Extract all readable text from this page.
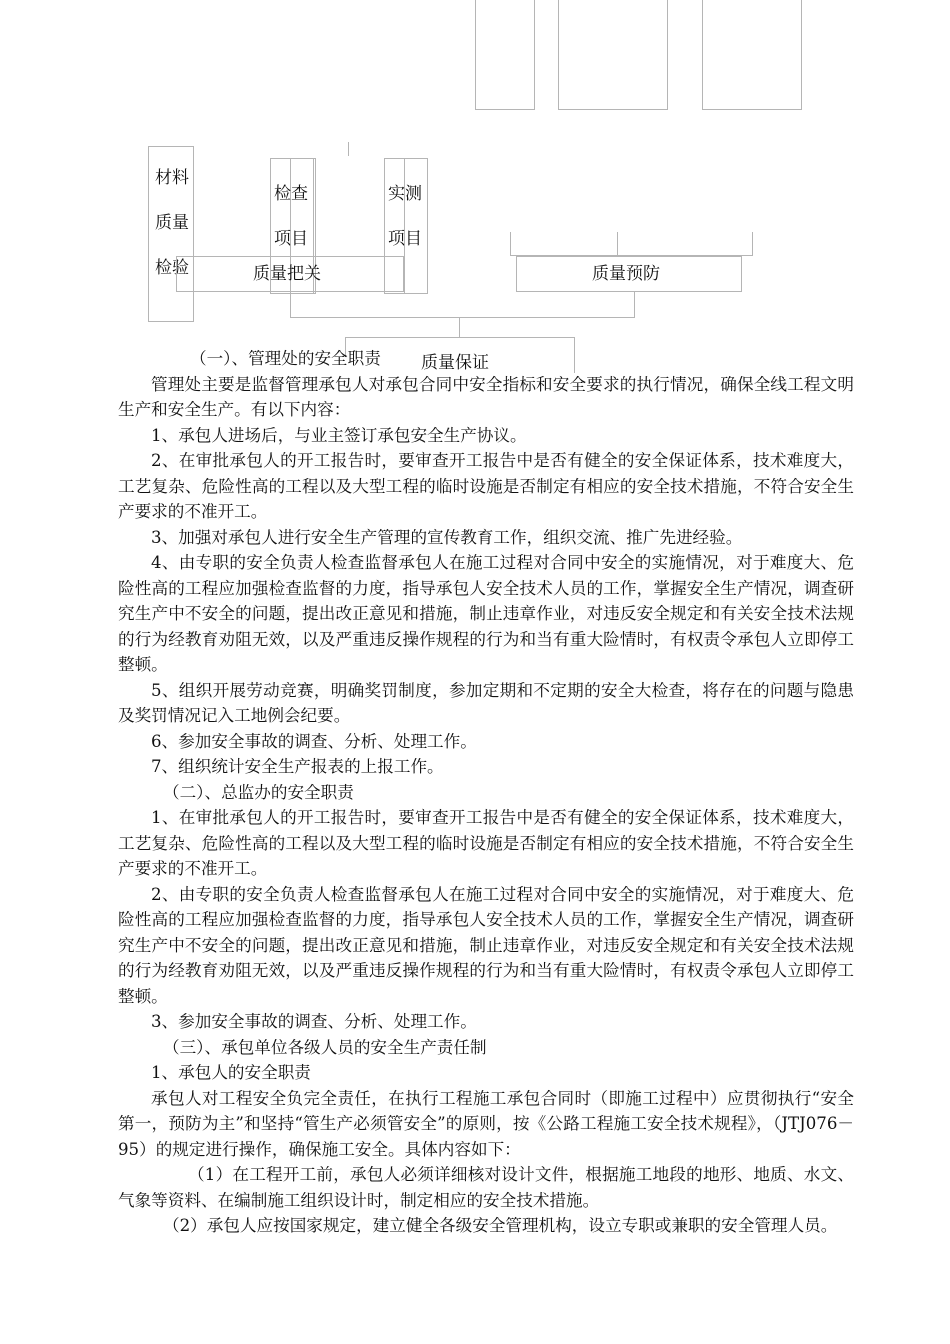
材料
质量
检验
检查
项目
实测
项目
质量把关	质量预防
质量保证

（一）、管理处的安全职责

管理处主要是监督管理承包人对承包合同中安全指标和安全要求的执行情况，确保全线工程文明生产和安全生产。有以下内容：

1、承包人进场后，与业主签订承包安全生产协议。

2、在审批承包人的开工报告时，要审查开工报告中是否有健全的安全保证体系，技术难度大，工艺复杂、危险性高的工程以及大型工程的临时设施是否制定有相应的安全技术措施，不符合安全生产要求的不准开工。

3、加强对承包人进行安全生产管理的宣传教育工作，组织交流、推广先进经验。

4、由专职的安全负责人检查监督承包人在施工过程对合同中安全的实施情况，对于难度大、危险性高的工程应加强检查监督的力度，指导承包人安全技术人员的工作，掌握安全生产情况，调查研究生产中不安全的问题，提出改正意见和措施，制止违章作业，对违反安全规定和有关安全技术法规的行为经教育劝阻无效，以及严重违反操作规程的行为和当有重大险情时，有权责令承包人立即停工整顿。

5、组织开展劳动竞赛，明确奖罚制度，参加定期和不定期的安全大检查，将存在的问题与隐患及奖罚情况记入工地例会纪要。

6、参加安全事故的调查、分析、处理工作。

7、组织统计安全生产报表的上报工作。

（二）、总监办的安全职责

1、在审批承包人的开工报告时，要审查开工报告中是否有健全的安全保证体系，技术难度大，工艺复杂、危险性高的工程以及大型工程的临时设施是否制定有相应的安全技术措施，不符合安全生产要求的不准开工。

2、由专职的安全负责人检查监督承包人在施工过程对合同中安全的实施情况，对于难度大、危险性高的工程应加强检查监督的力度，指导承包人安全技术人员的工作，掌握安全生产情况，调查研究生产中不安全的问题，提出改正意见和措施，制止违章作业，对违反安全规定和有关安全技术法规的行为经教育劝阻无效，以及严重违反操作规程的行为和当有重大险情时，有权责令承包人立即停工整顿。

3、参加安全事故的调查、分析、处理工作。

（三）、承包单位各级人员的安全生产责任制

1、承包人的安全职责

承包人对工程安全负完全责任，在执行工程施工承包合同时（即施工过程中）应贯彻执行“安全第一，预防为主”和坚持“管生产必须管安全”的原则，按《公路工程施工安全技术规程》，（JTJ076－95）的规定进行操作，确保施工安全。具体内容如下：

（1）在工程开工前，承包人必须详细核对设计文件，根据施工地段的地形、地质、水文、气象等资料、在编制施工组织设计时，制定相应的安全技术措施。

（2）承包人应按国家规定，建立健全各级安全管理机构，设立专职或兼职的安全管理人员。
